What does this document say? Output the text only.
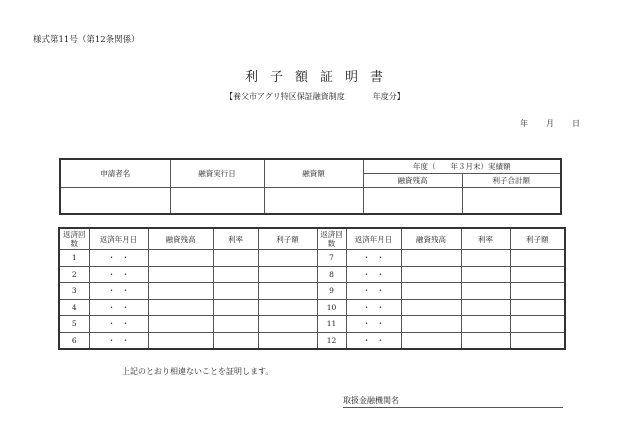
様式第11号（第12条関係）
利子額証明書
【養父市アグリ特区保証融資制度	年度分】
年 月 日
申請者名	融資実行日	融資額	年度（　　年３月末）実績額	
			融資残高	利子合計額

返済回数	返済年月日	融資残高	利率	利子額	返済回数	返済年月日	融資残高	利率	利子額
1	・ ・				7	・ ・			
2	・ ・				8	・ ・			
3	・ ・				9	・ ・			
4	・ ・				10	・ ・			
5	・ ・				11	・ ・			
6	・ ・				12	・ ・			
上記のとおり相違ないことを証明します。
取扱金融機関名
